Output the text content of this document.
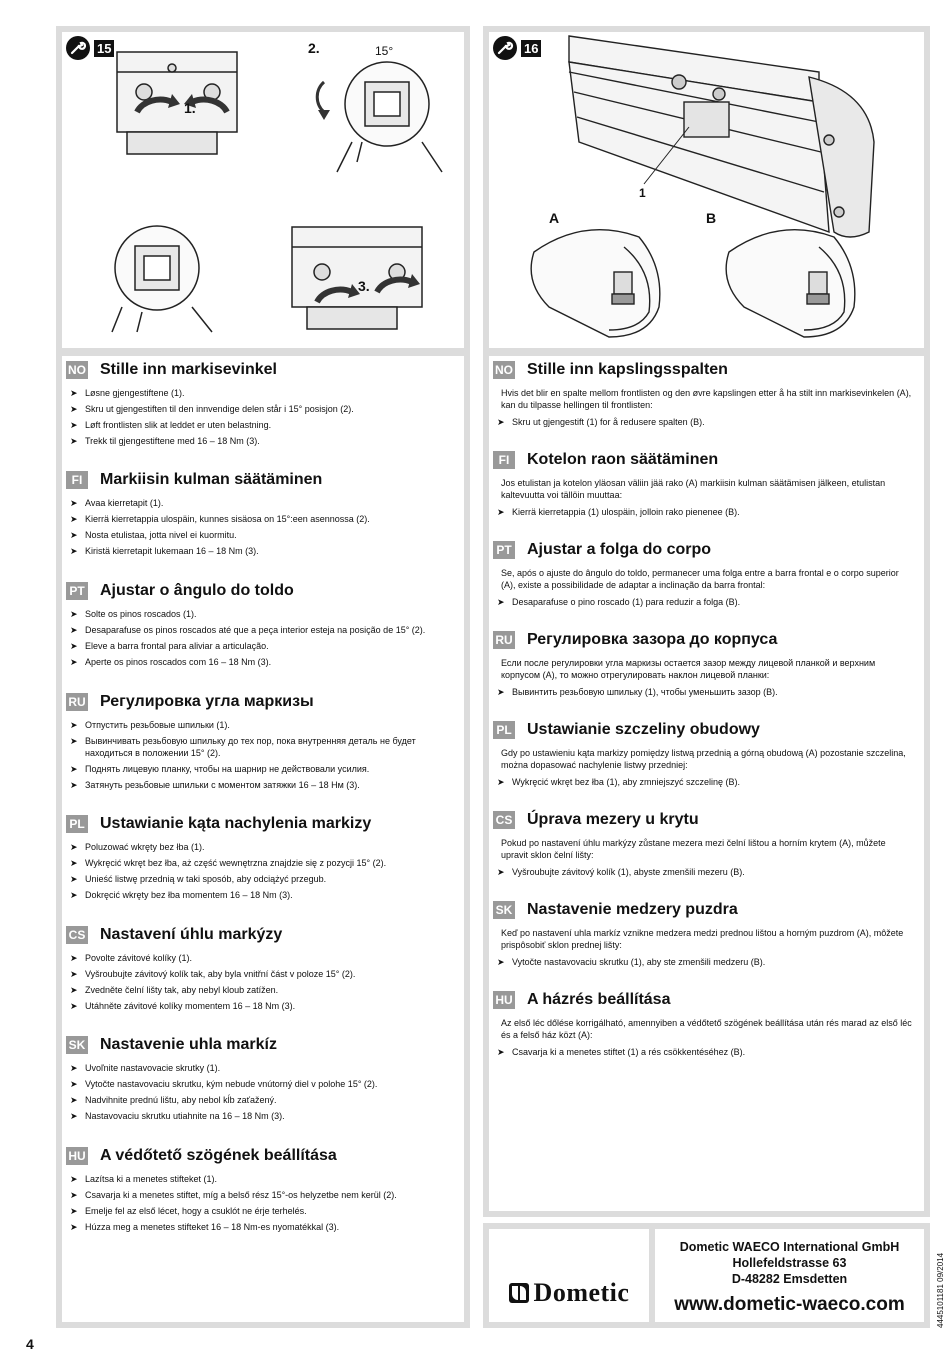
15
1.
2.	15°
3.
NO Stille inn markisevinkel
➤ Løsne gjengestiftene (1).
➤ Skru ut gjengestiften til den innvendige delen står i 15° posisjon (2).
➤ Løft frontlisten slik at leddet er uten belastning.
➤ Trekk til gjengestiftene med 16 – 18 Nm (3).
FI	Markiisin kulman säätäminen
➤ Avaa kierretapit (1).
➤ Kierrä kierretappia ulospäin, kunnes sisäosa on 15°:een asennossa (2).
➤ Nosta etulistaa, jotta nivel ei kuormitu.
➤ Kiristä kierretapit lukemaan 16 – 18 Nm (3).
PT Ajustar o ângulo do toldo
➤ Solte os pinos roscados (1).
➤ Desaparafuse os pinos roscados até que a peça interior esteja na posição de 15° (2).
➤ Eleve a barra frontal para aliviar a articulação.
➤ Aperte os pinos roscados com 16 – 18 Nm (3).
RU Регулировка угла маркизы
➤ Отпустить резьбовые шпильки (1).
➤ Вывинчивать резьбовую шпильку до тех пор, пока внутренняя деталь не будет находиться в положении 15° (2).
➤ Поднять лицевую планку, чтобы на шарнир не действовали усилия.
➤ Затянуть резьбовые шпильки с моментом затяжки 16 – 18 Нм (3).
PL Ustawianie kąta nachylenia markizy
➤ Poluzować wkręty bez łba (1).
➤ Wykręcić wkręt bez łba, aż część wewnętrzna znajdzie się z pozycji 15° (2).
➤ Unieść listwę przednią w taki sposób, aby odciążyć przegub.
➤ Dokręcić wkręty bez łba momentem 16 – 18 Nm (3).
CS Nastavení úhlu markýzy
➤ Povolte závitové kolíky (1).
➤ Vyšroubujte závitový kolík tak, aby byla vnitřní část v poloze 15° (2).
➤ Zvedněte čelní lišty tak, aby nebyl kloub zatížen.
➤ Utáhněte závitové kolíky momentem 16 – 18 Nm (3).
SK Nastavenie uhla markíz
➤ Uvoľnite nastavovacie skrutky (1).
➤ Vytočte nastavovaciu skrutku, kým nebude vnútorný diel v polohe 15° (2).
➤ Nadvihnite prednú lištu, aby nebol kĺb zaťažený.
➤ Nastavovaciu skrutku utiahnite na 16 – 18 Nm (3).
HU A védőtető szögének beállítása
➤ Lazítsa ki a menetes stifteket (1).
➤ Csavarja ki a menetes stiftet, míg a belső rész 15°-os helyzetbe nem kerül (2).
➤ Emelje fel az első lécet, hogy a csuklót ne érje terhelés.
➤ Húzza meg a menetes stifteket 16 – 18 Nm-es nyomatékkal (3).
16
1
A	B
NO Stille inn kapslingsspalten

Hvis det blir en spalte mellom frontlisten og den øvre kapslingen etter å ha stilt inn markisevinkelen (A), kan du tilpasse hellingen til frontlisten:

➤ Skru ut gjengestift (1) for å redusere spalten (B).
FI	Kotelon raon säätäminen

Jos etulistan ja kotelon yläosan väliin jää rako (A) markiisin kulman säätämisen jälkeen, etulistan kaltevuutta voi tällöin muuttaa:

➤ Kierrä kierretappia (1) ulospäin, jolloin rako pienenee (B).
PT Ajustar a folga do corpo

Se, após o ajuste do ângulo do toldo, permanecer uma folga entre a barra frontal e o corpo superior (A), existe a possibilidade de adaptar a inclinação da barra frontal:

➤ Desaparafuse o pino roscado (1) para reduzir a folga (B).
RU Регулировка зазора до корпуса

Если после регулировки угла маркизы остается зазор между лицевой планкой и верхним корпусом (A), то можно отрегулировать наклон лицевой планки:

➤ Вывинтить резьбовую шпильку (1), чтобы уменьшить зазор (B).
PL Ustawianie szczeliny obudowy

Gdy po ustawieniu kąta markizy pomiędzy listwą przednią a górną obudową (A) pozostanie szczelina, można dopasować nachylenie listwy przedniej:

➤ Wykręcić wkręt bez łba (1), aby zmniejszyć szczelinę (B).
CS Úprava mezery u krytu

Pokud po nastavení úhlu markýzy zůstane mezera mezi čelní lištou a horním krytem (A), můžete upravit sklon čelní lišty:

➤ Vyšroubujte závitový kolík (1), abyste zmenšili mezeru (B).
SK Nastavenie medzery puzdra

Keď po nastavení uhla markíz vznikne medzera medzi prednou lištou a horným puzdrom (A), môžete prispôsobiť sklon prednej lišty:

➤ Vytočte nastavovaciu skrutku (1), aby ste zmenšili medzeru (B).
HU A házrés beállítása

Az első léc dőlése korrigálható, amennyiben a védőtető szögének beállítása után rés marad az első léc és a felső ház közt (A):

➤ Csavarja ki a menetes stiftet (1) a rés csökkentéséhez (B).
Dometic
Dometic WAECO International GmbH
Hollefeldstrasse 63
D-48282 Emsdetten
www.dometic-waeco.com	4445101181 09/2014
4
